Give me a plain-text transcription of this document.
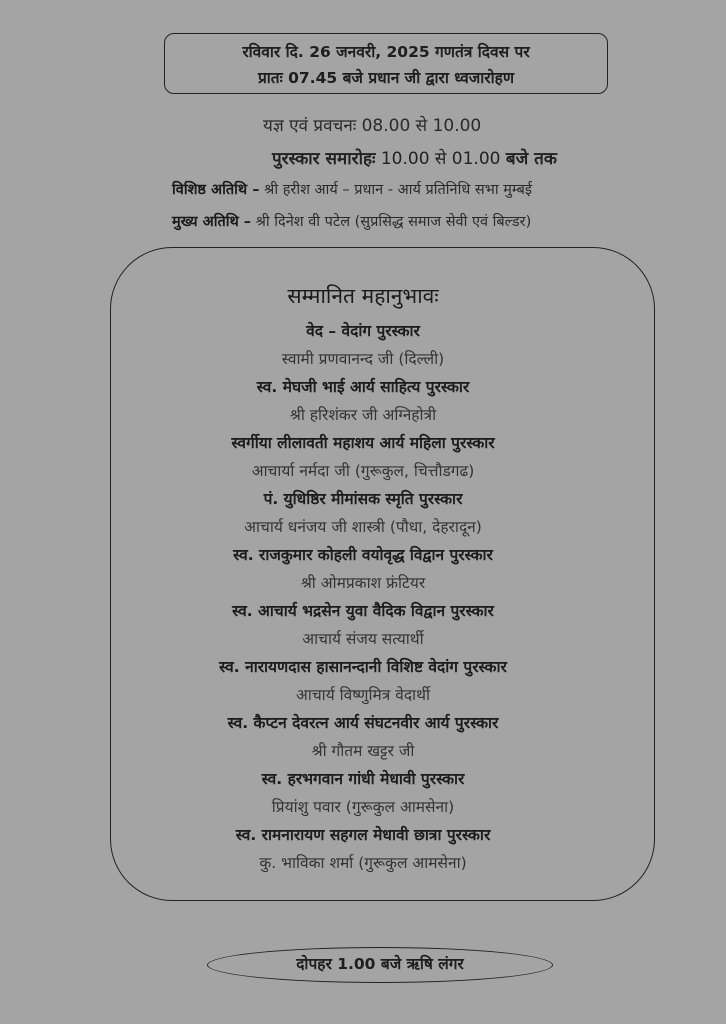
रविवार दि. 26 जनवरी, 2025 गणतंत्र दिवस पर
प्रातः 07.45 बजे प्रधान जी द्वारा ध्वजारोहण
यज्ञ एवं प्रवचनः 08.00 से 10.00
पुरस्कार समारोहः 10.00 से 01.00 बजे तक
विशिष्ठ अतिथि – श्री हरीश आर्य – प्रधान - आर्य प्रतिनिधि सभा मुम्बई
मुख्य अतिथि – श्री दिनेश वी पटेल (सुप्रसिद्ध समाज सेवी एवं बिल्डर)
सम्मानित महानुभावः
वेद – वेदांग पुरस्कार
स्वामी प्रणवानन्द जी (दिल्ली)
स्व. मेघजी भाई आर्य साहित्य पुरस्कार
श्री हरिशंकर जी अग्निहोत्री
स्वर्गीया लीलावती महाशय आर्य महिला पुरस्कार
आचार्या नर्मदा जी (गुरूकुल, चित्तौडगढ)
पं. युधिष्ठिर मीमांसक स्मृति पुरस्कार
आचार्य धनंजय जी शास्त्री (पौधा, देहरादून)
स्व. राजकुमार कोहली वयोवृद्ध विद्वान पुरस्कार
श्री ओमप्रकाश फ्रंटियर
स्व. आचार्य भद्रसेन युवा वैदिक विद्वान पुरस्कार
आचार्य संजय सत्यार्थी
स्व. नारायणदास हासानन्दानी विशिष्ट वेदांग पुरस्कार
आचार्य विष्णुमित्र वेदार्थी
स्व. कैप्टन देवरत्न आर्य संघटनवीर आर्य पुरस्कार
श्री गौतम खट्टर जी
स्व. हरभगवान गांधी मेधावी पुरस्कार
प्रियांशु पवार (गुरूकुल आमसेना)
स्व. रामनारायण सहगल मेधावी छात्रा पुरस्कार
कु. भाविका शर्मा (गुरूकुल आमसेना)
दोपहर 1.00 बजे ऋषि लंगर
